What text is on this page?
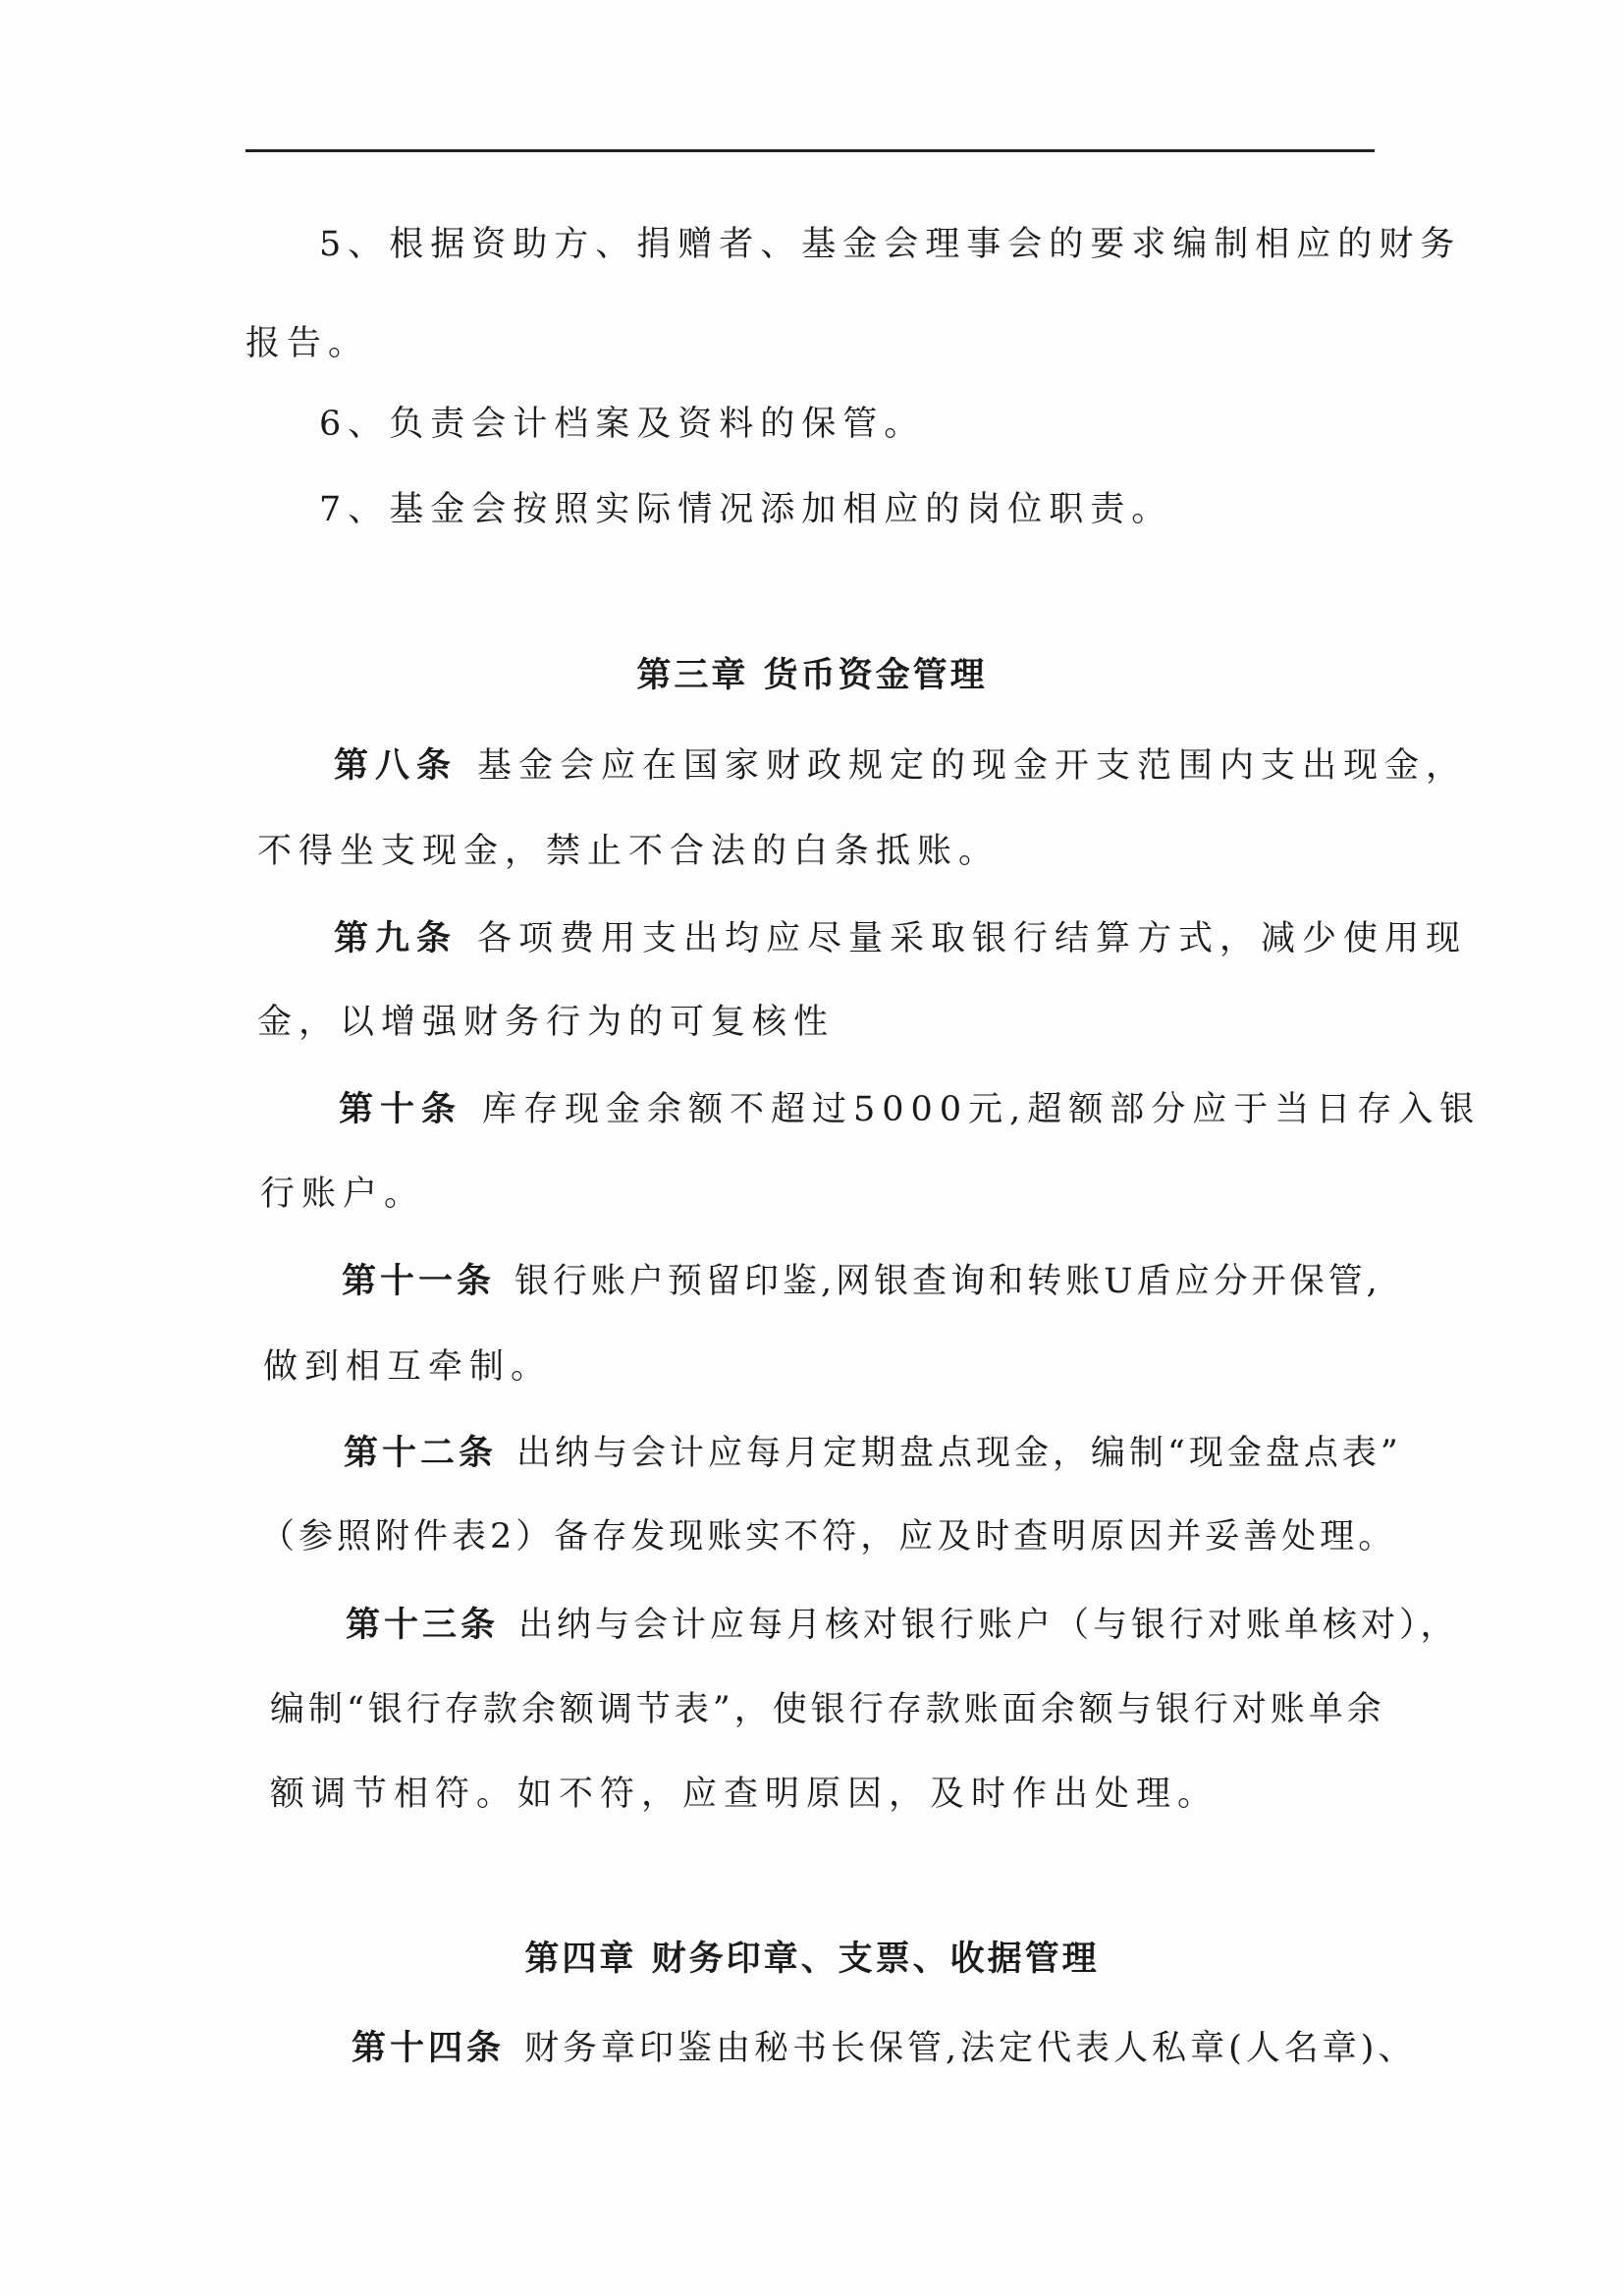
5、根据资助方、捐赠者、基金会理事会的要求编制相应的财务
报告。
6、负责会计档案及资料的保管。
7、基金会按照实际情况添加相应的岗位职责。
第三章 货币资金管理
第八条 基金会应在国家财政规定的现金开支范围内支出现金，
不得坐支现金，禁止不合法的白条抵账。
第九条 各项费用支出均应尽量采取银行结算方式，减少使用现
金，以增强财务行为的可复核性
第十条 库存现金余额不超过5000元,超额部分应于当日存入银
行账户。
第十一条 银行账户预留印鉴,网银查询和转账U盾应分开保管,
做到相互牵制。
第十二条 出纳与会计应每月定期盘点现金，编制“现金盘点表”
（参照附件表2）备存发现账实不符，应及时查明原因并妥善处理。
第十三条 出纳与会计应每月核对银行账户（与银行对账单核对），
编制“银行存款余额调节表”，使银行存款账面余额与银行对账单余
额调节相符。如不符，应查明原因，及时作出处理。
第四章 财务印章、支票、收据管理
第十四条 财务章印鉴由秘书长保管,法定代表人私章(人名章)、
